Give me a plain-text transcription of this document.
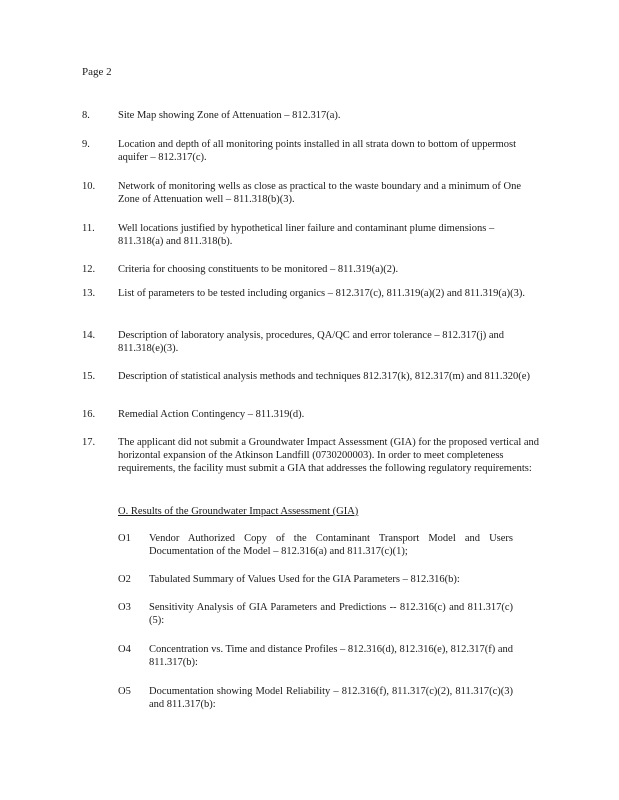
Page 2
8.	Site Map showing Zone of Attenuation – 812.317(a).
9.	Location and depth of all monitoring points installed in all strata down to bottom of uppermost aquifer – 812.317(c).
10.	Network of monitoring wells as close as practical to the waste boundary and a minimum of One Zone of Attenuation well – 811.318(b)(3).
11.	Well locations justified by hypothetical liner failure and contaminant plume dimensions – 811.318(a) and 811.318(b).
12.	Criteria for choosing constituents to be monitored – 811.319(a)(2).
13.	List of parameters to be tested including organics – 812.317(c), 811.319(a)(2) and 811.319(a)(3).
14.	Description of laboratory analysis, procedures, QA/QC and error tolerance – 812.317(j) and 811.318(e)(3).
15.	Description of statistical analysis methods and techniques 812.317(k), 812.317(m) and 811.320(e)
16.	Remedial Action Contingency – 811.319(d).
17.	The applicant did not submit a Groundwater Impact Assessment (GIA) for the proposed vertical and horizontal expansion of the Atkinson Landfill (0730200003). In order to meet completeness requirements, the facility must submit a GIA that addresses the following regulatory requirements:
O. Results of the Groundwater Impact Assessment (GIA)
O1	Vendor Authorized Copy of the Contaminant Transport Model and Users Documentation of the Model – 812.316(a) and 811.317(c)(1);
O2	Tabulated Summary of Values Used for the GIA Parameters – 812.316(b):
O3	Sensitivity Analysis of GIA Parameters and Predictions -- 812.316(c) and 811.317(c)(5):
O4	Concentration vs. Time and distance Profiles – 812.316(d), 812.316(e), 812.317(f) and 811.317(b):
O5	Documentation showing Model Reliability – 812.316(f), 811.317(c)(2), 811.317(c)(3) and 811.317(b):
